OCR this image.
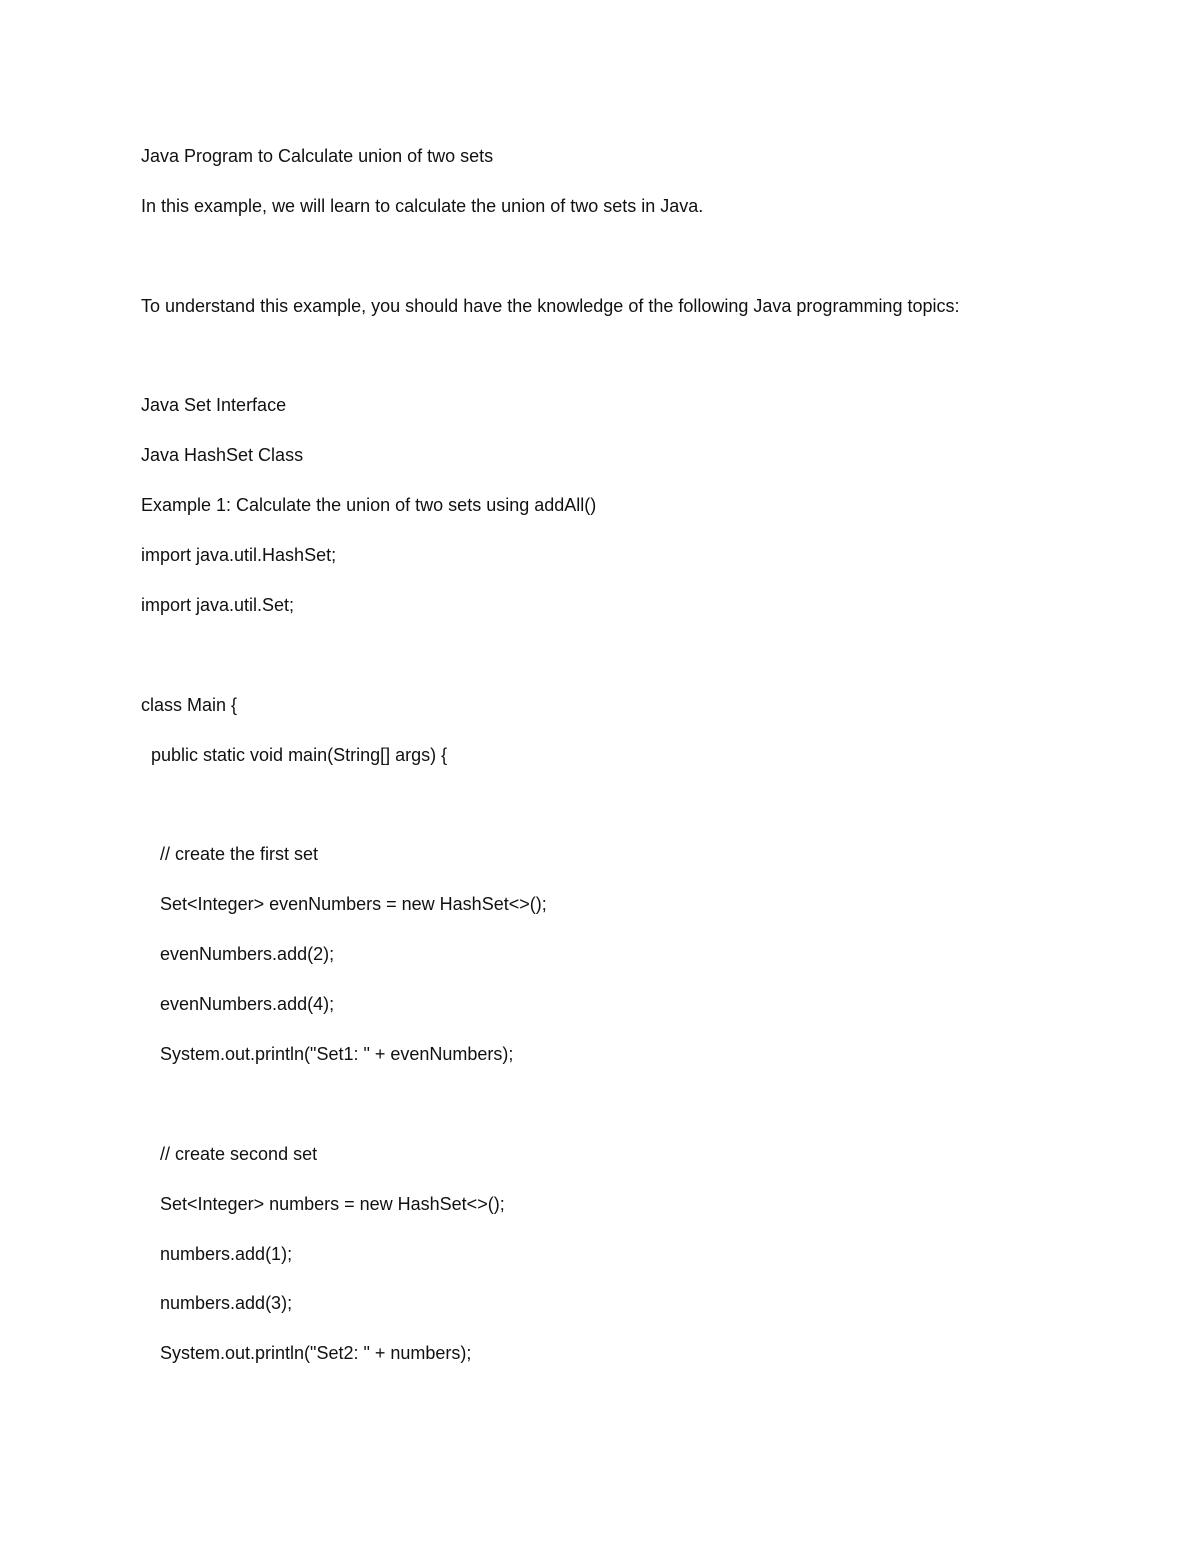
Java Program to Calculate union of two sets
In this example, we will learn to calculate the union of two sets in Java.
To understand this example, you should have the knowledge of the following Java programming topics:
Java Set Interface
Java HashSet Class
Example 1: Calculate the union of two sets using addAll()
import java.util.HashSet;
import java.util.Set;
class Main {
public static void main(String[] args) {
// create the first set
Set<Integer> evenNumbers = new HashSet<>();
evenNumbers.add(2);
evenNumbers.add(4);
System.out.println("Set1: " + evenNumbers);
// create second set
Set<Integer> numbers = new HashSet<>();
numbers.add(1);
numbers.add(3);
System.out.println("Set2: " + numbers);
